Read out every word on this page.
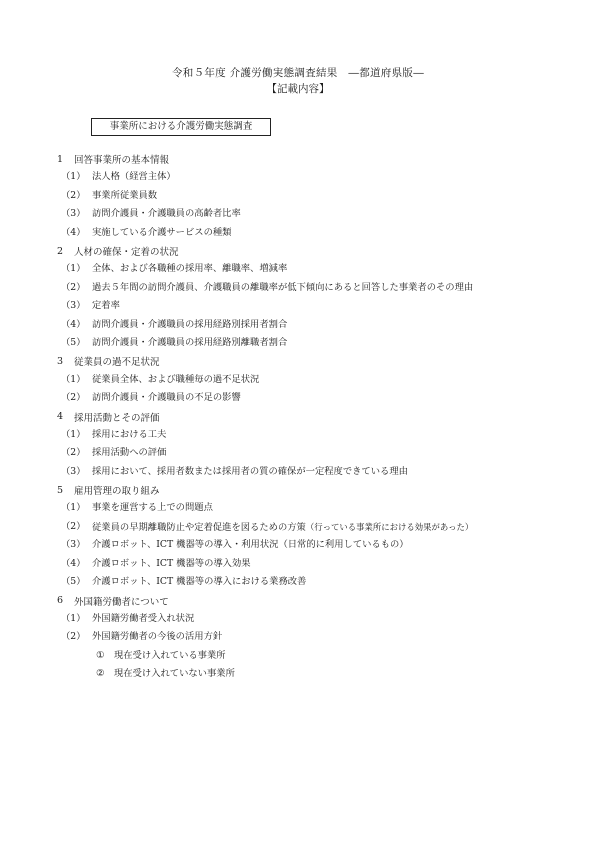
令和５年度 介護労働実態調査結果　―都道府県版―
【記載内容】
事業所における介護労働実態調査
1 回答事業所の基本情報
（1） 法人格（経営主体）
（2） 事業所従業員数
（3） 訪問介護員・介護職員の高齢者比率
（4） 実施している介護サービスの種類
2 人材の確保・定着の状況
（1） 全体、および各職種の採用率、離職率、増減率
（2） 過去５年間の訪問介護員、介護職員の離職率が低下傾向にあると回答した事業者のその理由
（3） 定着率
（4） 訪問介護員・介護職員の採用経路別採用者割合
（5） 訪問介護員・介護職員の採用経路別離職者割合
3 従業員の過不足状況
（1） 従業員全体、および職種毎の過不足状況
（2） 訪問介護員・介護職員の不足の影響
4 採用活動とその評価
（1） 採用における工夫
（2） 採用活動への評価
（3） 採用において、採用者数または採用者の質の確保が一定程度できている理由
5 雇用管理の取り組み
（1） 事業を運営する上での問題点
（2） 従業員の早期離職防止や定着促進を図るための方策（行っている事業所における効果があった）
（3） 介護ロボット、ICT 機器等の導入・利用状況（日常的に利用しているもの）
（4） 介護ロボット、ICT 機器等の導入効果
（5） 介護ロボット、ICT 機器等の導入における業務改善
6 外国籍労働者について
（1） 外国籍労働者受入れ状況
（2） 外国籍労働者の今後の活用方針
① 現在受け入れている事業所
② 現在受け入れていない事業所
